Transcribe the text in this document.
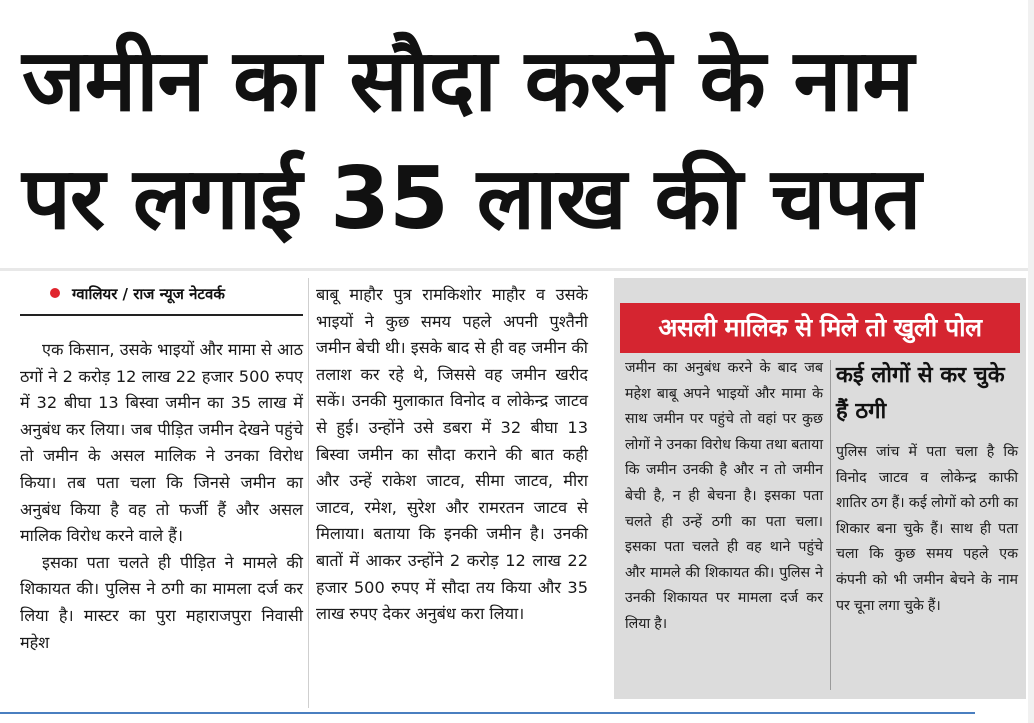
जमीन का सौदा करने के नाम
पर लगाई 35 लाख की चपत
ग्वालियर / राज न्यूज नेटवर्क

एक किसान, उसके भाइयों और मामा से आठ ठगों ने 2 करोड़ 12 लाख 22 हजार 500 रुपए में 32 बीघा 13 बिस्वा जमीन का 35 लाख में अनुबंध कर लिया। जब पीड़ित जमीन देखने पहुंचे तो जमीन के असल मालिक ने उनका विरोध किया। तब पता चला कि जिनसे जमीन का अनुबंध किया है वह तो फर्जी हैं और असल मालिक विरोध करने वाले हैं।

इसका पता चलते ही पीड़ित ने मामले की शिकायत की। पुलिस ने ठगी का मामला दर्ज कर लिया है। मास्टर का पुरा महाराजपुरा निवासी महेश

बाबू माहौर पुत्र रामकिशोर माहौर व उसके भाइयों ने कुछ समय पहले अपनी पुश्तैनी जमीन बेची थी। इसके बाद से ही वह जमीन की तलाश कर रहे थे, जिससे वह जमीन खरीद सकें। उनकी मुलाकात विनोद व लोकेन्द्र जाटव से हुई। उन्होंने उसे डबरा में 32 बीघा 13 बिस्वा जमीन का सौदा कराने की बात कही और उन्हें राकेश जाटव, सीमा जाटव, मीरा जाटव, रमेश, सुरेश और रामरतन जाटव से मिलाया। बताया कि इनकी जमीन है। उनकी बातों में आकर उन्होंने 2 करोड़ 12 लाख 22 हजार 500 रुपए में सौदा तय किया और 35 लाख रुपए देकर अनुबंध करा लिया।

असली मालिक से मिले तो खुली पोल
जमीन का अनुबंध करने के बाद जब महेश बाबू अपने भाइयों और मामा के साथ जमीन पर पहुंचे तो वहां पर कुछ लोगों ने उनका विरोध किया तथा बताया कि जमीन उनकी है और न तो जमीन बेची है, न ही बेचना है। इसका पता चलते ही उन्हें ठगी का पता चला। इसका पता चलते ही वह थाने पहुंचे और मामले की शिकायत की। पुलिस ने उनकी शिकायत पर मामला दर्ज कर लिया है।
कई लोगों से कर चुके हैं ठगी
पुलिस जांच में पता चला है कि विनोद जाटव व लोकेन्द्र काफी शातिर ठग हैं। कई लोगों को ठगी का शिकार बना चुके हैं। साथ ही पता चला कि कुछ समय पहले एक कंपनी को भी जमीन बेचने के नाम पर चूना लगा चुके हैं।
